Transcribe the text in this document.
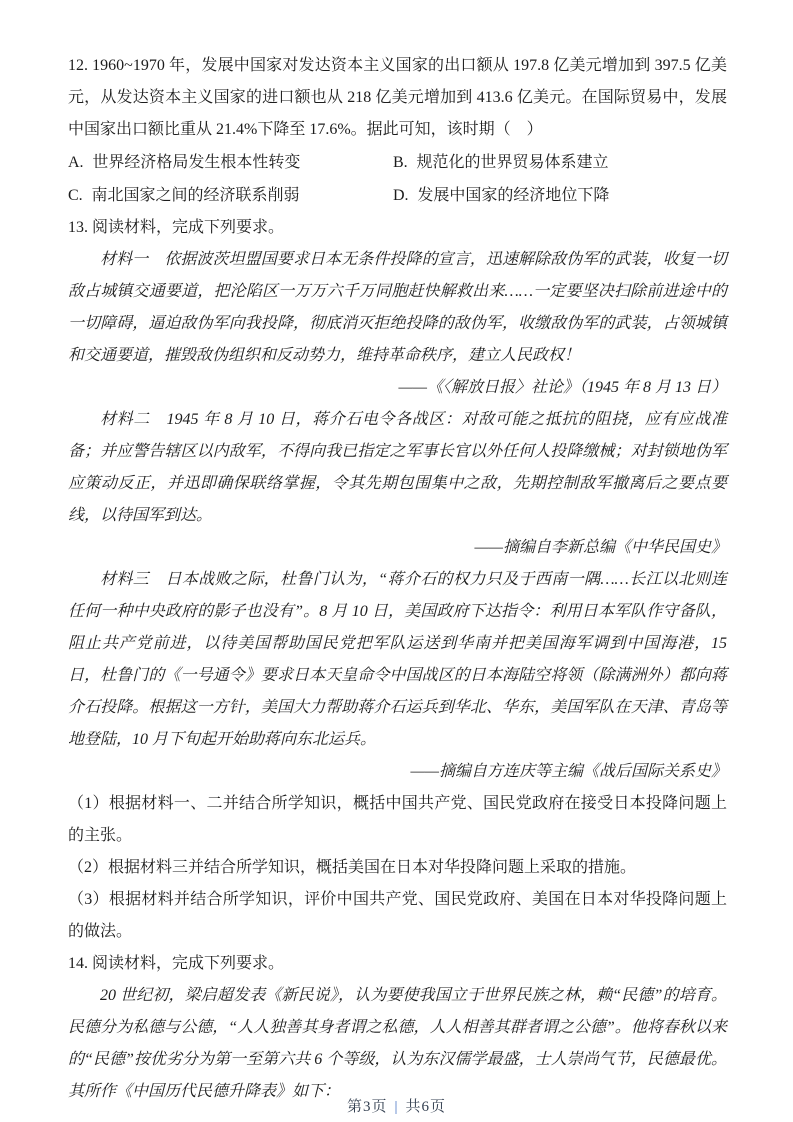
12. 1960~1970 年，发展中国家对发达资本主义国家的出口额从 197.8 亿美元增加到 397.5 亿美元，从发达资本主义国家的进口额也从 218 亿美元增加到 413.6 亿美元。在国际贸易中，发展中国家出口额比重从 21.4%下降至 17.6%。据此可知，该时期（　）

A. 世界经济格局发生根本性转变	B. 规范化的世界贸易体系建立

C. 南北国家之间的经济联系削弱	D. 发展中国家的经济地位下降

13. 阅读材料，完成下列要求。

材料一　依据波茨坦盟国要求日本无条件投降的宣言，迅速解除敌伪军的武装，收复一切敌占城镇交通要道，把沦陷区一万万六千万同胞赶快解救出来……一定要坚决扫除前进途中的一切障碍，逼迫敌伪军向我投降，彻底消灭拒绝投降的敌伪军，收缴敌伪军的武装，占领城镇和交通要道，摧毁敌伪组织和反动势力，维持革命秩序，建立人民政权！

——《〈解放日报〉社论》（1945 年 8 月 13 日）

材料二　1945 年 8 月 10 日，蒋介石电令各战区：对敌可能之抵抗的阻挠，应有应战准备；并应警告辖区以内敌军，不得向我已指定之军事长官以外任何人投降缴械；对封锁地伪军应策动反正，并迅即确保联络掌握，令其先期包围集中之敌，先期控制敌军撤离后之要点要线，以待国军到达。

——摘编自李新总编《中华民国史》

材料三　日本战败之际，杜鲁门认为，“蒋介石的权力只及于西南一隅……长江以北则连任何一种中央政府的影子也没有”。8 月 10 日，美国政府下达指令：利用日本军队作守备队，阻止共产党前进，以待美国帮助国民党把军队运送到华南并把美国海军调到中国海港，15 日，杜鲁门的《一号通令》要求日本天皇命令中国战区的日本海陆空将领（除满洲外）都向蒋介石投降。根据这一方针，美国大力帮助蒋介石运兵到华北、华东，美国军队在天津、青岛等地登陆，10 月下旬起开始助蒋向东北运兵。

——摘编自方连庆等主编《战后国际关系史》

（1）根据材料一、二并结合所学知识，概括中国共产党、国民党政府在接受日本投降问题上的主张。

（2）根据材料三并结合所学知识，概括美国在日本对华投降问题上采取的措施。

（3）根据材料并结合所学知识，评价中国共产党、国民党政府、美国在日本对华投降问题上的做法。

14. 阅读材料，完成下列要求。

20 世纪初，梁启超发表《新民说》，认为要使我国立于世界民族之林，赖“民德”的培育。民德分为私德与公德，“人人独善其身者谓之私德，人人相善其群者谓之公德”。他将春秋以来的“民德”按优劣分为第一至第六共 6 个等级，认为东汉儒学最盛，士人崇尚气节，民德最优。其所作《中国历代民德升降表》如下：

第3页 | 共6页
